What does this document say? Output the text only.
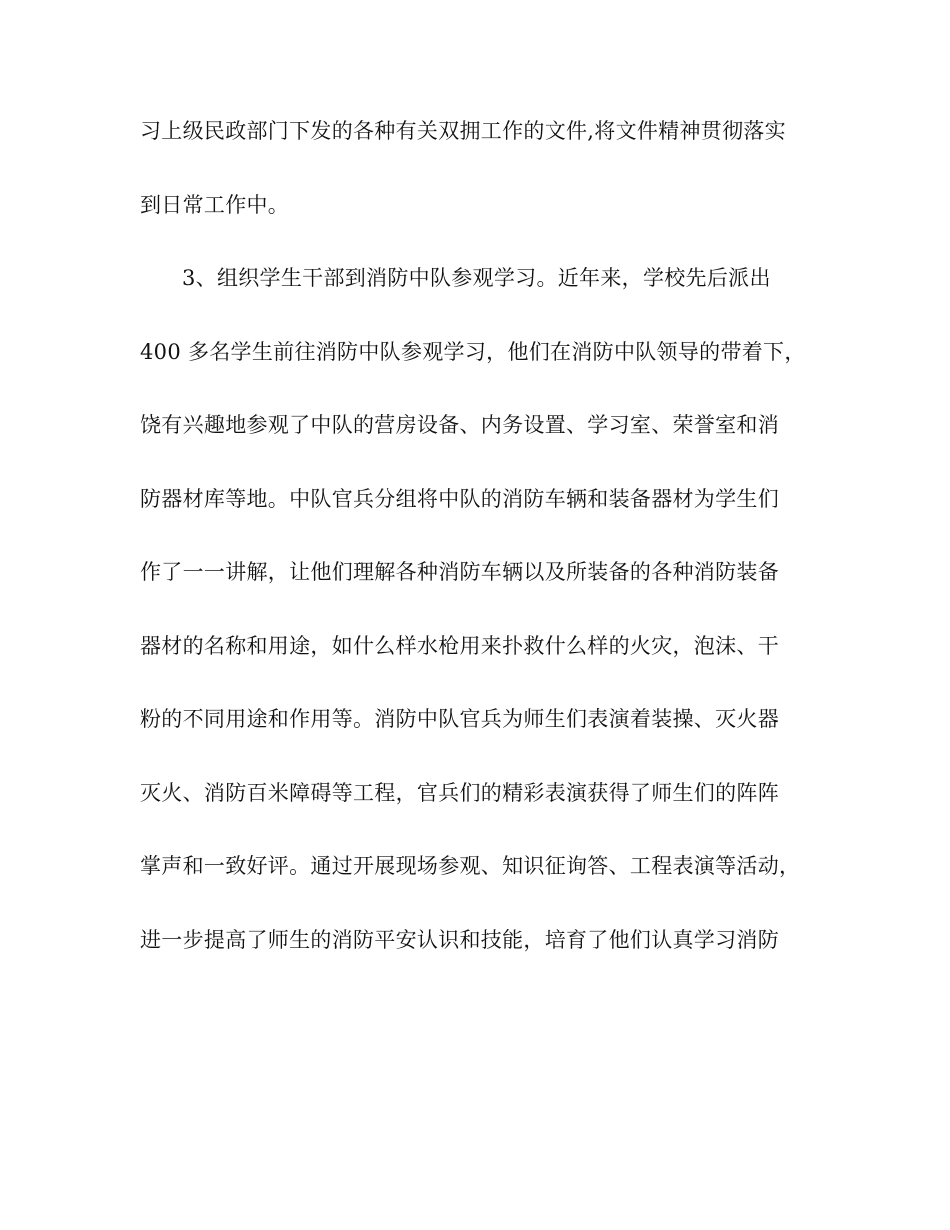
习上级民政部门下发的各种有关双拥工作的文件,将文件精神贯彻落实
到日常工作中。
3、组织学生干部到消防中队参观学习。近年来，学校先后派出
400 多名学生前往消防中队参观学习，他们在消防中队领导的带着下，
饶有兴趣地参观了中队的营房设备、内务设置、学习室、荣誉室和消
防器材库等地。中队官兵分组将中队的消防车辆和装备器材为学生们
作了一一讲解，让他们理解各种消防车辆以及所装备的各种消防装备
器材的名称和用途，如什么样水枪用来扑救什么样的火灾，泡沫、干
粉的不同用途和作用等。消防中队官兵为师生们表演着装操、灭火器
灭火、消防百米障碍等工程，官兵们的精彩表演获得了师生们的阵阵
掌声和一致好评。通过开展现场参观、知识征询答、工程表演等活动，
进一步提高了师生的消防平安认识和技能，培育了他们认真学习消防
